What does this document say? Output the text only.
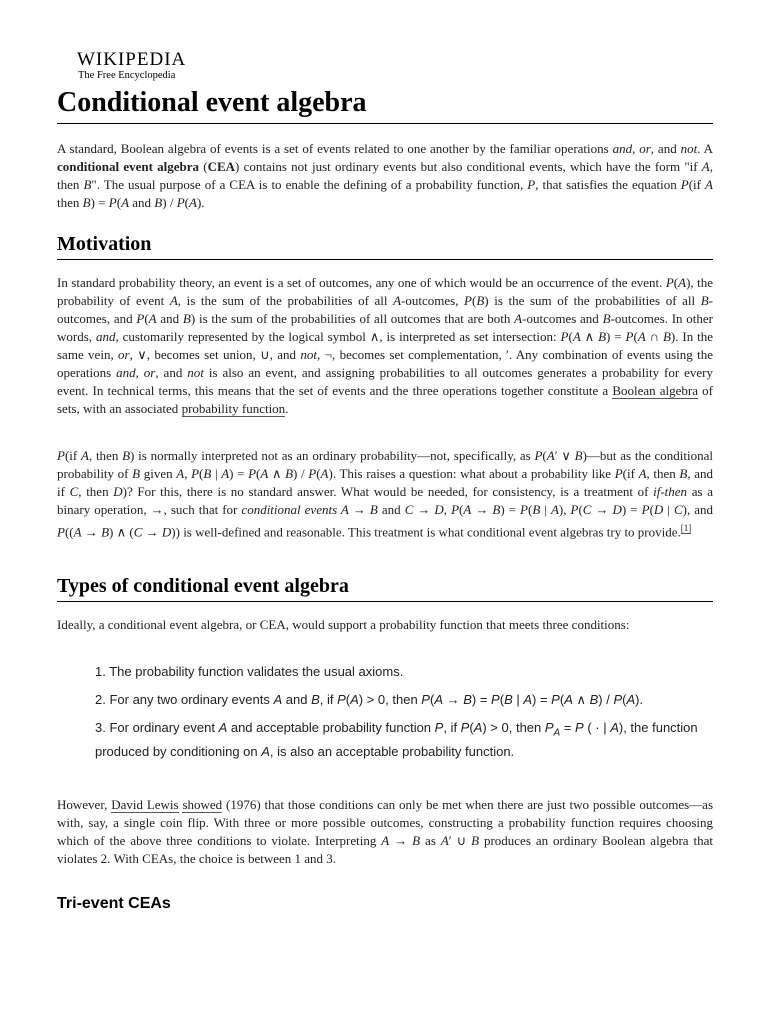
WIKIPEDIA
The Free Encyclopedia
Conditional event algebra

A standard, Boolean algebra of events is a set of events related to one another by the familiar operations and, or, and not. A conditional event algebra (CEA) contains not just ordinary events but also conditional events, which have the form "if A, then B". The usual purpose of a CEA is to enable the defining of a probability function, P, that satisfies the equation P(if A then B) = P(A and B) / P(A).

Motivation

In standard probability theory, an event is a set of outcomes, any one of which would be an occurrence of the event. P(A), the probability of event A, is the sum of the probabilities of all A-outcomes, P(B) is the sum of the probabilities of all B-outcomes, and P(A and B) is the sum of the probabilities of all outcomes that are both A-outcomes and B-outcomes. In other words, and, customarily represented by the logical symbol ∧, is interpreted as set intersection: P(A ∧ B) = P(A ∩ B). In the same vein, or, ∨, becomes set union, ∪, and not, ¬, becomes set complementation, ′. Any combination of events using the operations and, or, and not is also an event, and assigning probabilities to all outcomes generates a probability for every event. In technical terms, this means that the set of events and the three operations together constitute a Boolean algebra of sets, with an associated probability function.

P(if A, then B) is normally interpreted not as an ordinary probability—not, specifically, as P(A′ ∨ B)—but as the conditional probability of B given A, P(B | A) = P(A ∧ B) / P(A). This raises a question: what about a probability like P(if A, then B, and if C, then D)? For this, there is no standard answer. What would be needed, for consistency, is a treatment of if-then as a binary operation, →, such that for conditional events A → B and C → D, P(A → B) = P(B | A), P(C → D) = P(D | C), and P((A → B) ∧ (C → D)) is well-defined and reasonable. This treatment is what conditional event algebras try to provide.[1]

Types of conditional event algebra

Ideally, a conditional event algebra, or CEA, would support a probability function that meets three conditions:

1. The probability function validates the usual axioms.
2. For any two ordinary events A and B, if P(A) > 0, then P(A → B) = P(B | A) = P(A ∧ B) / P(A).
3. For ordinary event A and acceptable probability function P, if P(A) > 0, then $P_A = P$ ( · | A), the function produced by conditioning on A, is also an acceptable probability function.

However, David Lewis showed (1976) that those conditions can only be met when there are just two possible outcomes—as with, say, a single coin flip. With three or more possible outcomes, constructing a probability function requires choosing which of the above three conditions to violate. Interpreting A → B as A′ ∪ B produces an ordinary Boolean algebra that violates 2. With CEAs, the choice is between 1 and 3.

Tri-event CEAs
